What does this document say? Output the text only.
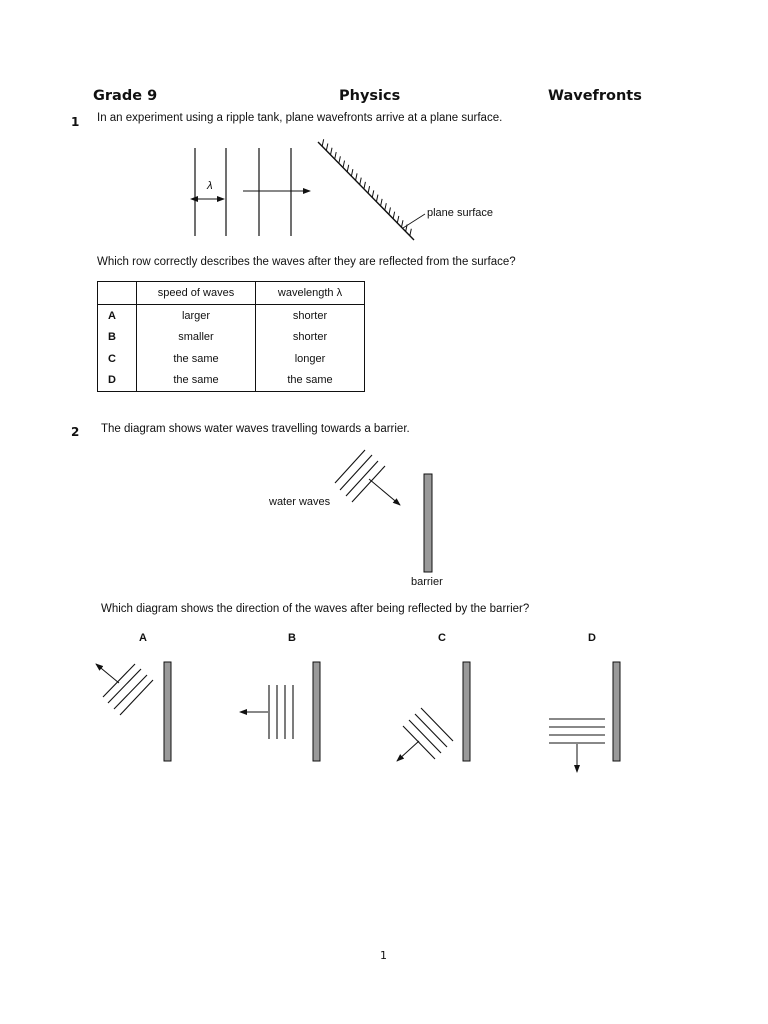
Grade 9	Physics	Wavefronts
1 In an experiment using a ripple tank, plane wavefronts arrive at a plane surface.
λ
plane surface
Which row correctly describes the waves after they are reflected from the surface?
	speed of waves	wavelength λ
A	larger	shorter
B	smaller	shorter
C	the same	longer
D	the same	the same
2 The diagram shows water waves travelling towards a barrier.
water waves
barrier
Which diagram shows the direction of the waves after being reflected by the barrier?
A	B	C	D
1
